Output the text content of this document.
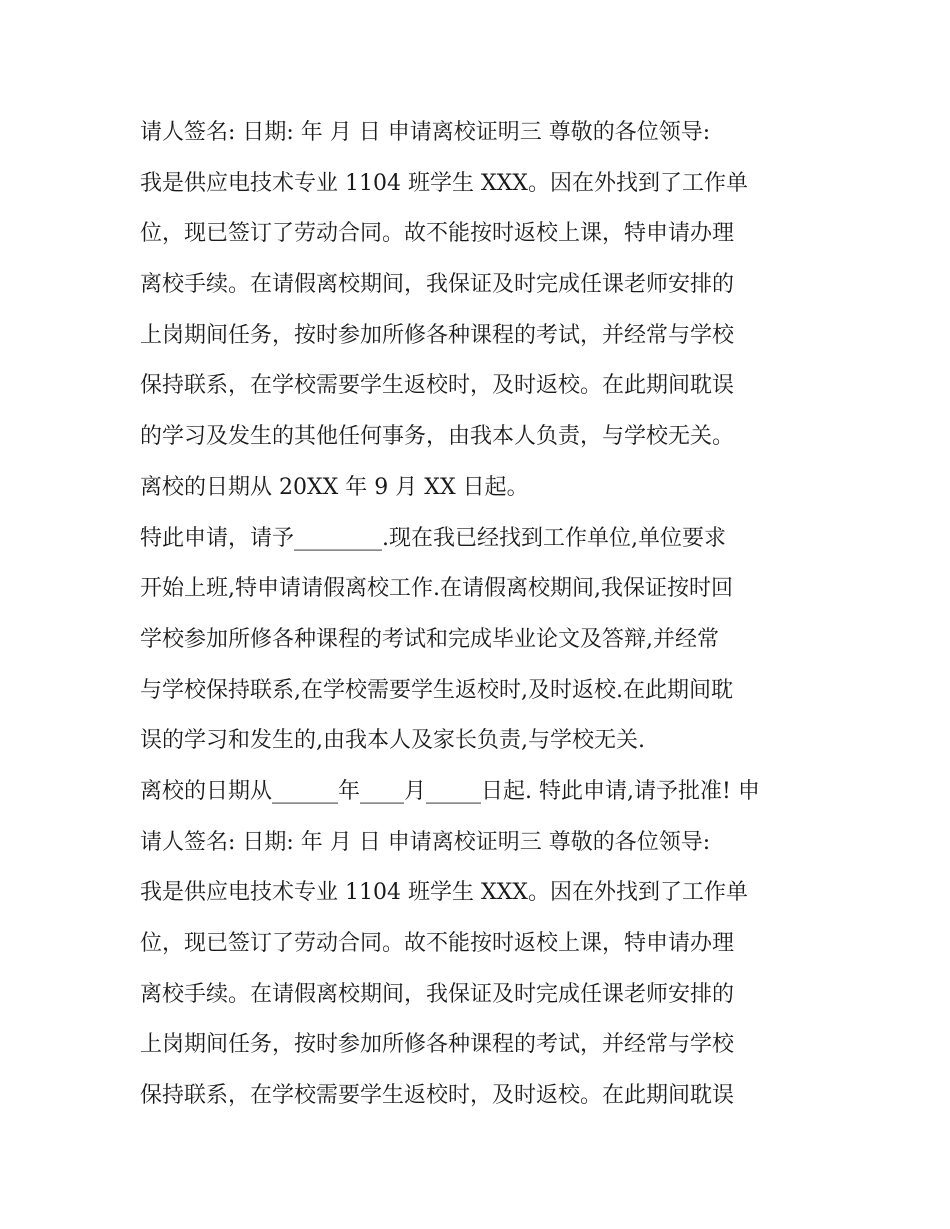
请人签名: 日期: 年 月 日 申请离校证明三 尊敬的各位领导:
我是供应电技术专业 1104 班学生 XXX。因在外找到了工作单
位，现已签订了劳动合同。故不能按时返校上课，特申请办理
离校手续。在请假离校期间，我保证及时完成任课老师安排的
上岗期间任务，按时参加所修各种课程的考试，并经常与学校
保持联系，在学校需要学生返校时，及时返校。在此期间耽误
的学习及发生的其他任何事务，由我本人负责，与学校无关。
离校的日期从 20XX 年 9 月 XX 日起。
特此申请，请予________.现在我已经找到工作单位,单位要求
开始上班,特申请请假离校工作.在请假离校期间,我保证按时回
学校参加所修各种课程的考试和完成毕业论文及答辩,并经常
与学校保持联系,在学校需要学生返校时,及时返校.在此期间耽
误的学习和发生的,由我本人及家长负责,与学校无关.
离校的日期从______年____月_____日起. 特此申请,请予批准! 申
请人签名: 日期: 年 月 日 申请离校证明三 尊敬的各位领导:
我是供应电技术专业 1104 班学生 XXX。因在外找到了工作单
位，现已签订了劳动合同。故不能按时返校上课，特申请办理
离校手续。在请假离校期间，我保证及时完成任课老师安排的
上岗期间任务，按时参加所修各种课程的考试，并经常与学校
保持联系，在学校需要学生返校时，及时返校。在此期间耽误
